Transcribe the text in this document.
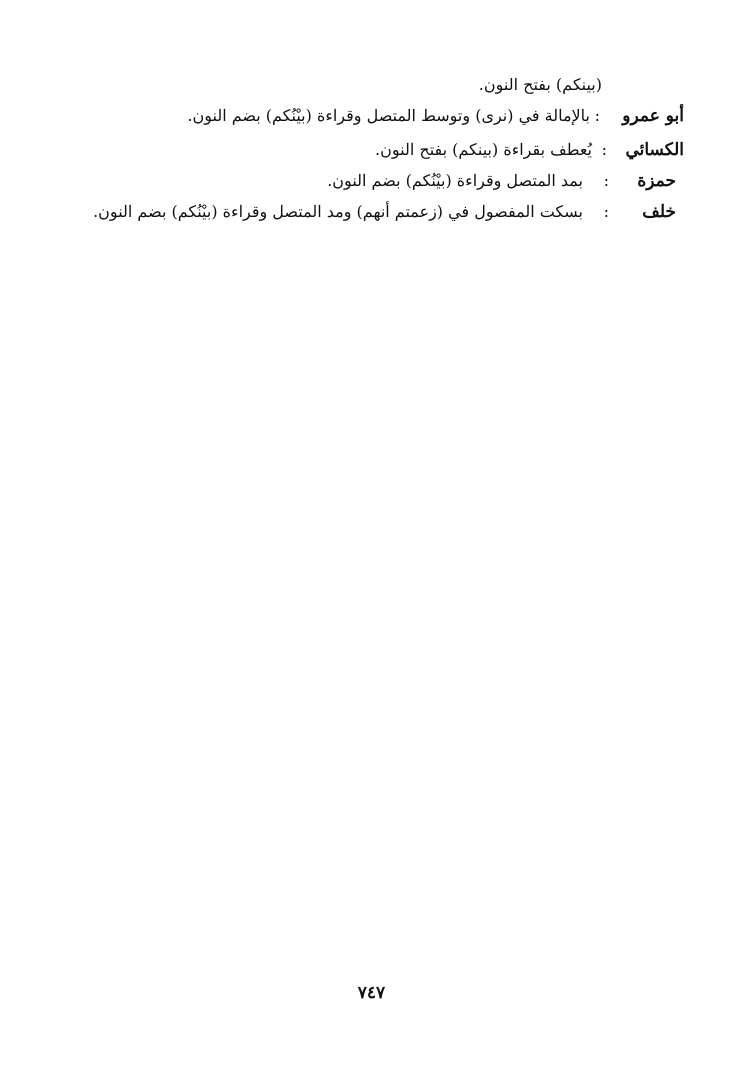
(بينكم) بفتح النون.
أبو عمرو
:
بالإمالة في (نرى) وتوسط المتصل وقراءة (بيْنُكم) بضم النون.
الكسائي
:
يُعطف بقراءة (بينكم) بفتح النون.
حمزة
:
بمد المتصل وقراءة (بيْنُكم) بضم النون.
خلف
:
بسكت المفصول في (زعمتم أنهم) ومد المتصل وقراءة (بيْنُكم) بضم النون.
٧٤٧
